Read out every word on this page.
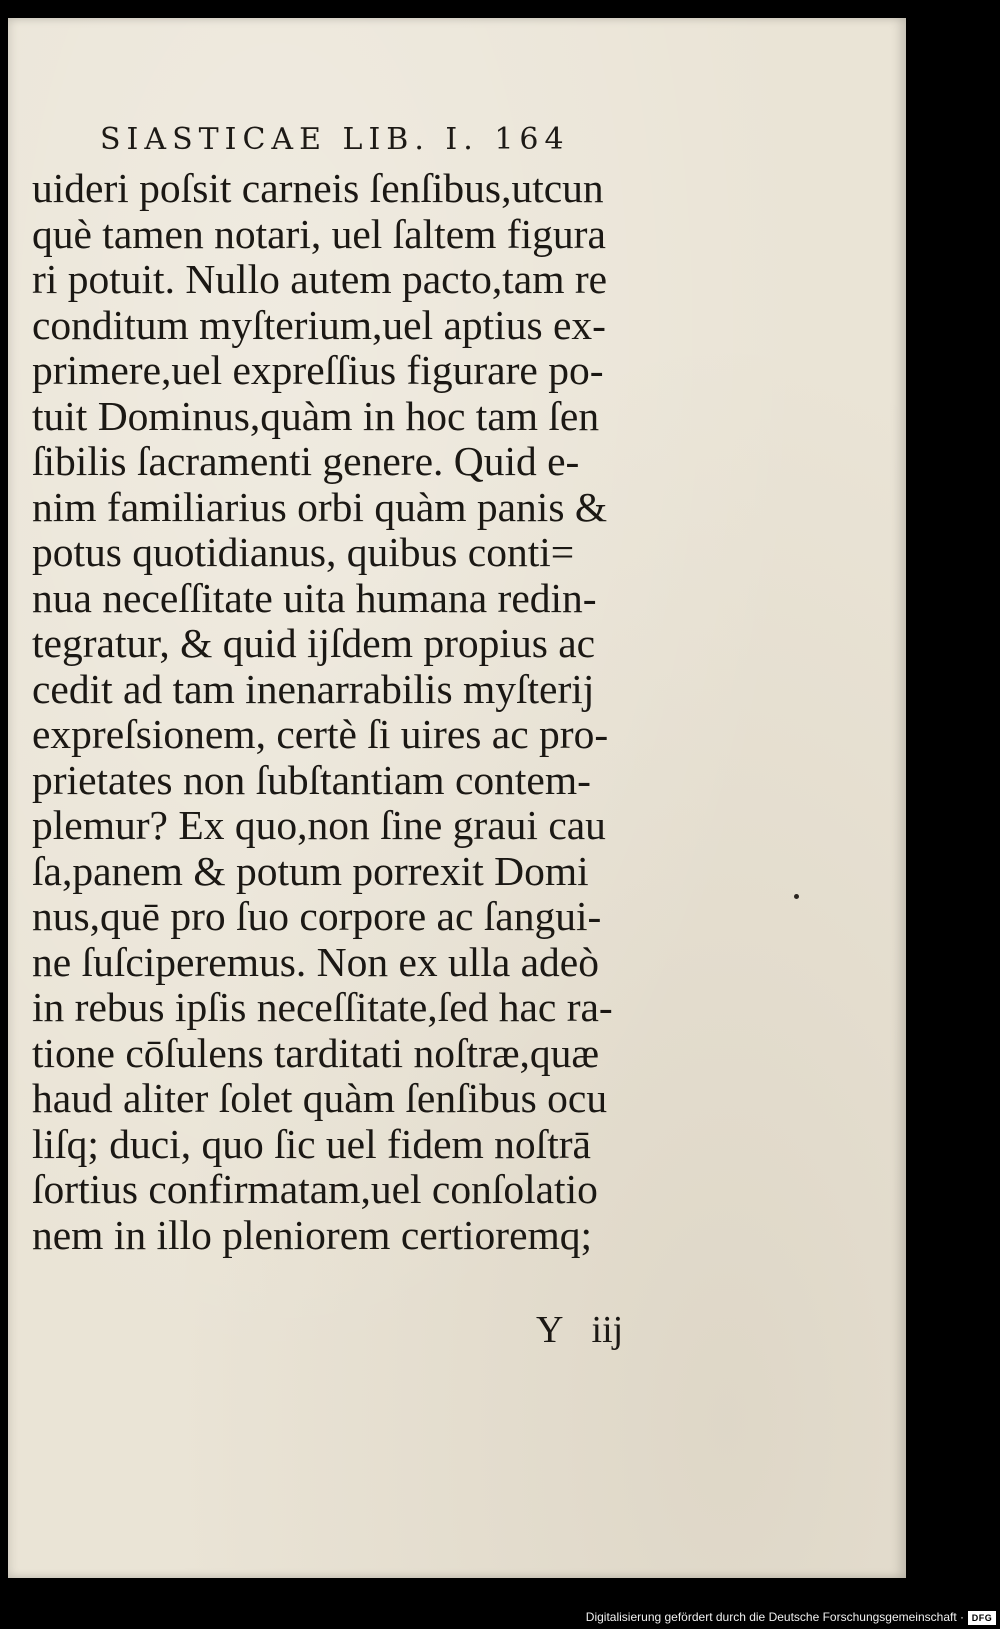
SIASTICAE LIB. I. 164
uideri poſsit carneis ſenſibus,utcun
què tamen notari, uel ſaltem figura
ri potuit. Nullo autem pacto,tam re
conditum myſterium,uel aptius ex-
primere,uel expreſſius figurare po-
tuit Dominus,quàm in hoc tam ſen
ſibilis ſacramenti genere. Quid e-
nim familiarius orbi quàm panis &
potus quotidianus, quibus conti=
nua neceſſitate uita humana redin-
tegratur, & quid ijſdem propius ac
cedit ad tam inenarrabilis myſterij
expreſsionem, certè ſi uires ac pro-
prietates non ſubſtantiam contem-
plemur? Ex quo,non ſine graui cau
ſa,panem & potum porrexit Domi
nus,quē pro ſuo corpore ac ſangui-
ne ſuſciperemus. Non ex ulla adeò
in rebus ipſis neceſſitate,ſed hac ra-
tione cōſulens tarditati noſtræ,quæ
haud aliter ſolet quàm ſenſibus ocu
liſq; duci, quo ſic uel fidem noſtrā
ſortius confirmatam,uel conſolatio
nem in illo pleniorem certioremq;
Y iij
Digitalisierung gefördert durch die Deutsche Forschungsgemeinschaft · DFG
